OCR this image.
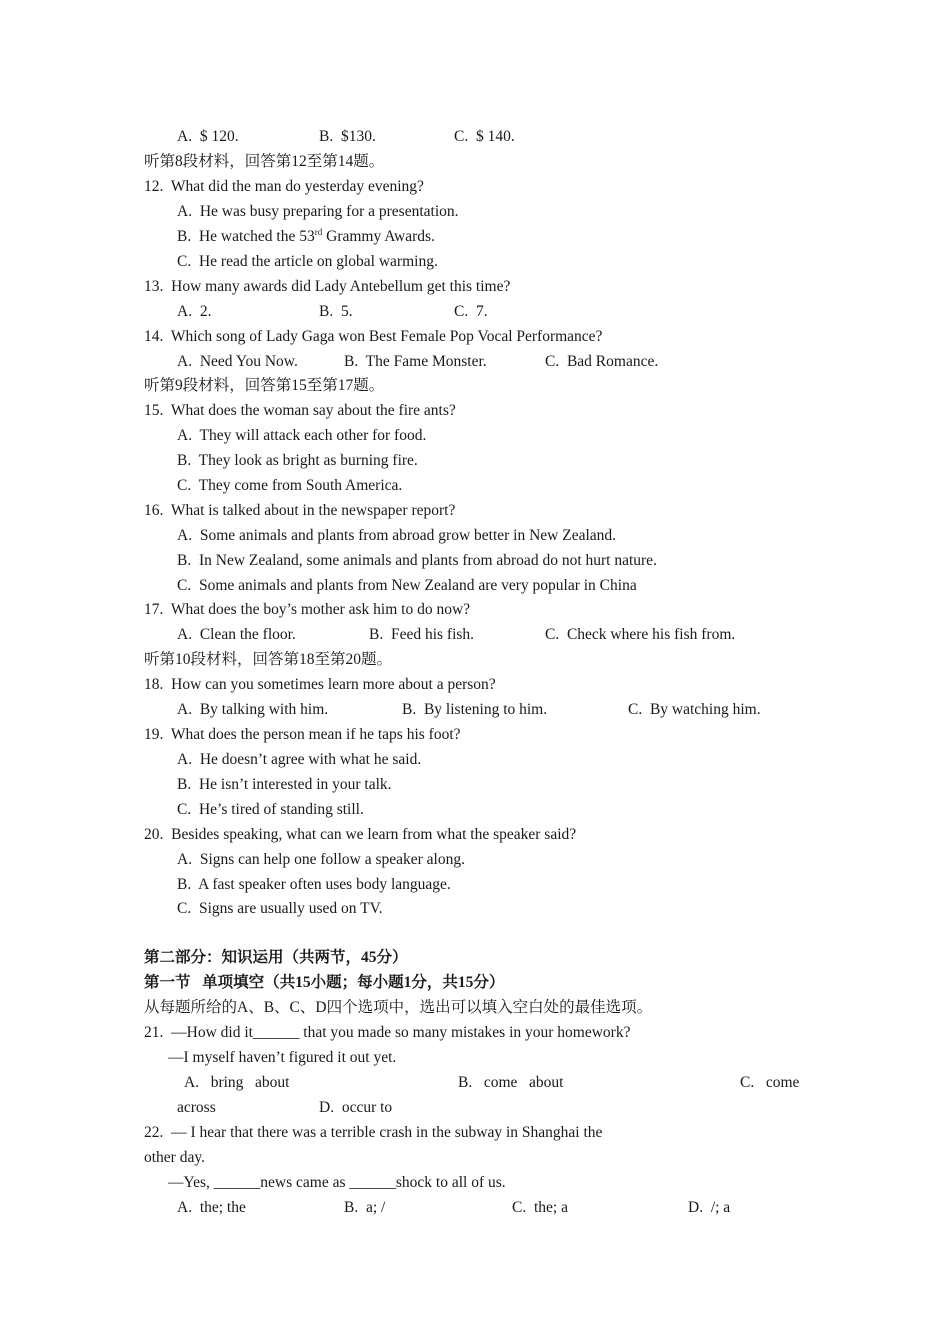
A.  $ 120.	B.  $130.	C.  $ 140.
听第8段材料，回答第12至第14题。
12.  What did the man do yesterday evening?
A.  He was busy preparing for a presentation.
B.  He watched the 53rd Grammy Awards.
C.  He read the article on global warming.
13.  How many awards did Lady Antebellum get this time?
A.  2.	B.  5.	C.  7.
14.  Which song of Lady Gaga won Best Female Pop Vocal Performance?
A.  Need You Now.	B.  The Fame Monster.	C.  Bad Romance.
听第9段材料，回答第15至第17题。
15.  What does the woman say about the fire ants?
A.  They will attack each other for food.
B.  They look as bright as burning fire.
C.  They come from South America.
16.  What is talked about in the newspaper report?
A.  Some animals and plants from abroad grow better in New Zealand.
B.  In New Zealand, some animals and plants from abroad do not hurt nature.
C.  Some animals and plants from New Zealand are very popular in China
17.  What does the boy’s mother ask him to do now?
A.  Clean the floor.	B.  Feed his fish.	C.  Check where his fish from.
听第10段材料，回答第18至第20题。
18.  How can you sometimes learn more about a person?
A.  By talking with him.	B.  By listening to him.	C.  By watching him.
19.  What does the person mean if he taps his foot?
A.  He doesn’t agree with what he said.
B.  He isn’t interested in your talk.
C.  He’s tired of standing still.
20.  Besides speaking, what can we learn from what the speaker said?
A.  Signs can help one follow a speaker along.
B.  A fast speaker often uses body language.
C.  Signs are usually used on TV.
第二部分：知识运用（共两节，45分）
第一节   单项填空（共15小题；每小题1分，共15分）
从每题所给的A、B、C、D四个选项中，选出可以填入空白处的最佳选项。
21.  —How did it______ that you made so many mistakes in your homework?
—I myself haven’t figured it out yet.
A.   bring   about	B.   come   about	C.   come
across	D.  occur to
22.  — I hear that there was a terrible crash in the subway in Shanghai the
other day.
—Yes, ______news came as ______shock to all of us.
A.  the; the	B.  a; /	C.  the; a	D.  /; a
